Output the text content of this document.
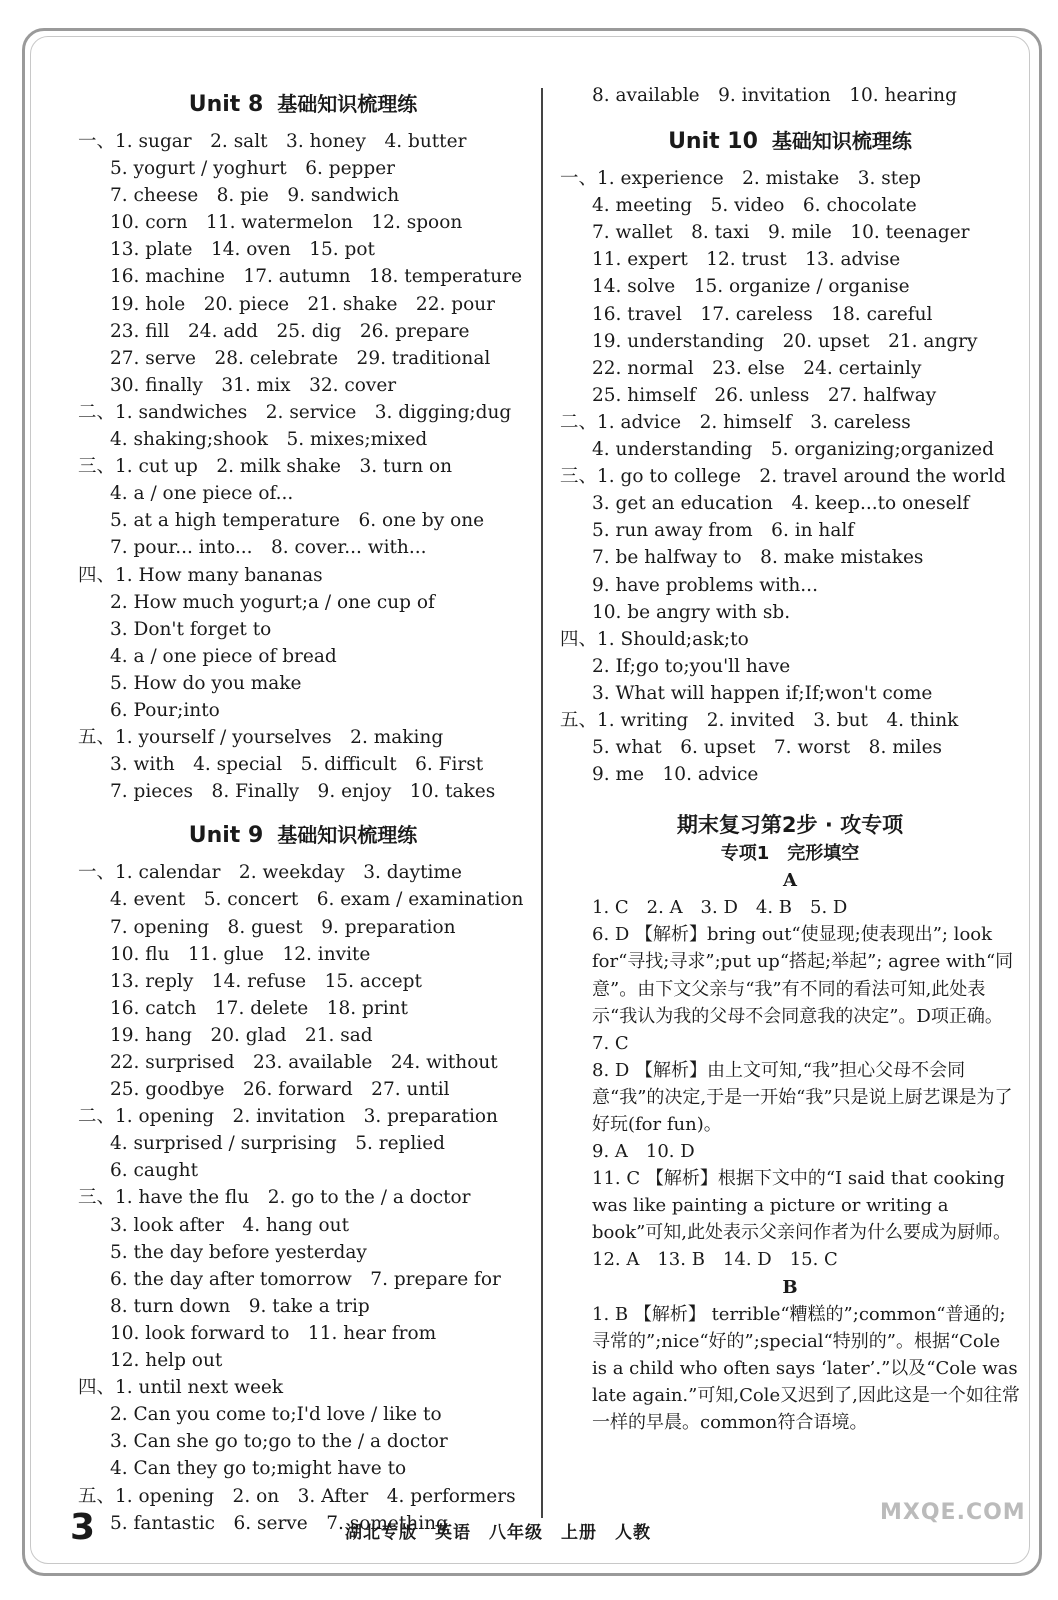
Unit 8 基础知识梳理练
一、1. sugar　2. salt　3. honey　4. butter
5. yogurt / yoghurt　6. pepper
7. cheese　8. pie　9. sandwich
10. corn　11. watermelon　12. spoon
13. plate　14. oven　15. pot
16. machine　17. autumn　18. temperature
19. hole　20. piece　21. shake　22. pour
23. fill　24. add　25. dig　26. prepare
27. serve　28. celebrate　29. traditional
30. finally　31. mix　32. cover
二、1. sandwiches　2. service　3. digging;dug
4. shaking;shook　5. mixes;mixed
三、1. cut up　2. milk shake　3. turn on
4. a / one piece of...
5. at a high temperature　6. one by one
7. pour... into...　8. cover... with...
四、1. How many bananas
2. How much yogurt;a / one cup of
3. Don't forget to
4. a / one piece of bread
5. How do you make
6. Pour;into
五、1. yourself / yourselves　2. making
3. with　4. special　5. difficult　6. First
7. pieces　8. Finally　9. enjoy　10. takes
Unit 9 基础知识梳理练
一、1. calendar　2. weekday　3. daytime
4. event　5. concert　6. exam / examination
7. opening　8. guest　9. preparation
10. flu　11. glue　12. invite
13. reply　14. refuse　15. accept
16. catch　17. delete　18. print
19. hang　20. glad　21. sad
22. surprised　23. available　24. without
25. goodbye　26. forward　27. until
二、1. opening　2. invitation　3. preparation
4. surprised / surprising　5. replied
6. caught
三、1. have the flu　2. go to the / a doctor
3. look after　4. hang out
5. the day before yesterday
6. the day after tomorrow　7. prepare for
8. turn down　9. take a trip
10. look forward to　11. hear from
12. help out
四、1. until next week
2. Can you come to;I'd love / like to
3. Can she go to;go to the / a doctor
4. Can they go to;might have to
五、1. opening　2. on　3. After　4. performers
5. fantastic　6. serve　7. something
8. available　9. invitation　10. hearing
Unit 10 基础知识梳理练
一、1. experience　2. mistake　3. step
4. meeting　5. video　6. chocolate
7. wallet　8. taxi　9. mile　10. teenager
11. expert　12. trust　13. advise
14. solve　15. organize / organise
16. travel　17. careless　18. careful
19. understanding　20. upset　21. angry
22. normal　23. else　24. certainly
25. himself　26. unless　27. halfway
二、1. advice　2. himself　3. careless
4. understanding　5. organizing;organized
三、1. go to college　2. travel around the world
3. get an education　4. keep...to oneself
5. run away from　6. in half
7. be halfway to　8. make mistakes
9. have problems with...
10. be angry with sb.
四、1. Should;ask;to
2. If;go to;you'll have
3. What will happen if;If;won't come
五、1. writing　2. invited　3. but　4. think
5. what　6. upset　7. worst　8. miles
9. me　10. advice
期末复习第2步 · 攻专项
专项1　完形填空
A
1. C　2. A　3. D　4. B　5. D
6. D 【解析】bring out“使显现;使表现出”; look for“寻找;寻求”;put up“搭起;举起”; agree with“同意”。由下文父亲与“我”有不同的看法可知,此处表示“我认为我的父母不会同意我的决定”。D项正确。
7. C
8. D 【解析】由上文可知,“我”担心父母不会同意“我”的决定,于是一开始“我”只是说上厨艺课是为了好玩(for fun)。
9. A　10. D
11. C 【解析】根据下文中的“I said that cooking was like painting a picture or writing a book”可知,此处表示父亲问作者为什么要成为厨师。
12. A　13. B　14. D　15. C
B
1. B 【解析】 terrible“糟糕的”;common“普通的;寻常的”;nice“好的”;special“特别的”。根据“Cole is a child who often says ‘later’.”以及“Cole was late again.”可知,Cole又迟到了,因此这是一个如往常一样的早晨。common符合语境。
3	湖北专版　英语　八年级　上册　人教
MXQE.COM
